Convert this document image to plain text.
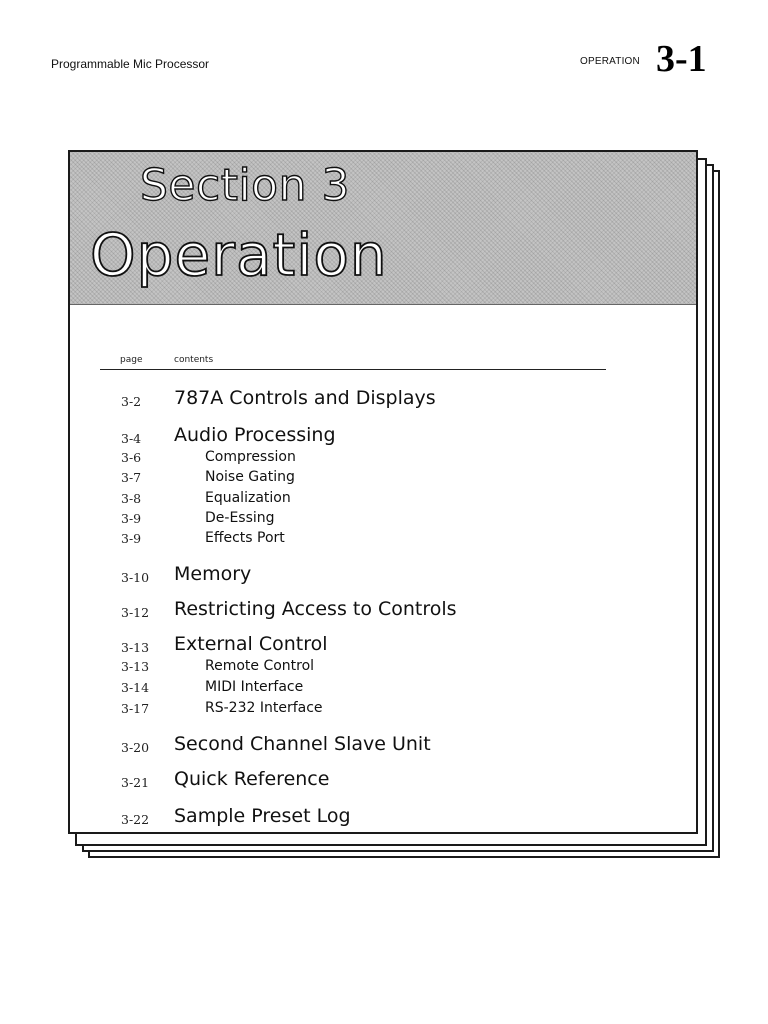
Programmable Mic Processor	OPERATION 3-1
Section 3
Operation
page	contents
3-2 787A Controls and Displays
3-4 Audio Processing
3-6	Compression
3-7	Noise Gating
3-8	Equalization
3-9	De-Essing
3-9	Effects Port
3-10 Memory
3-12 Restricting Access to Controls
3-13 External Control
3-13	Remote Control
3-14	MIDI Interface
3-17	RS-232 Interface
3-20 Second Channel Slave Unit
3-21 Quick Reference
3-22 Sample Preset Log
